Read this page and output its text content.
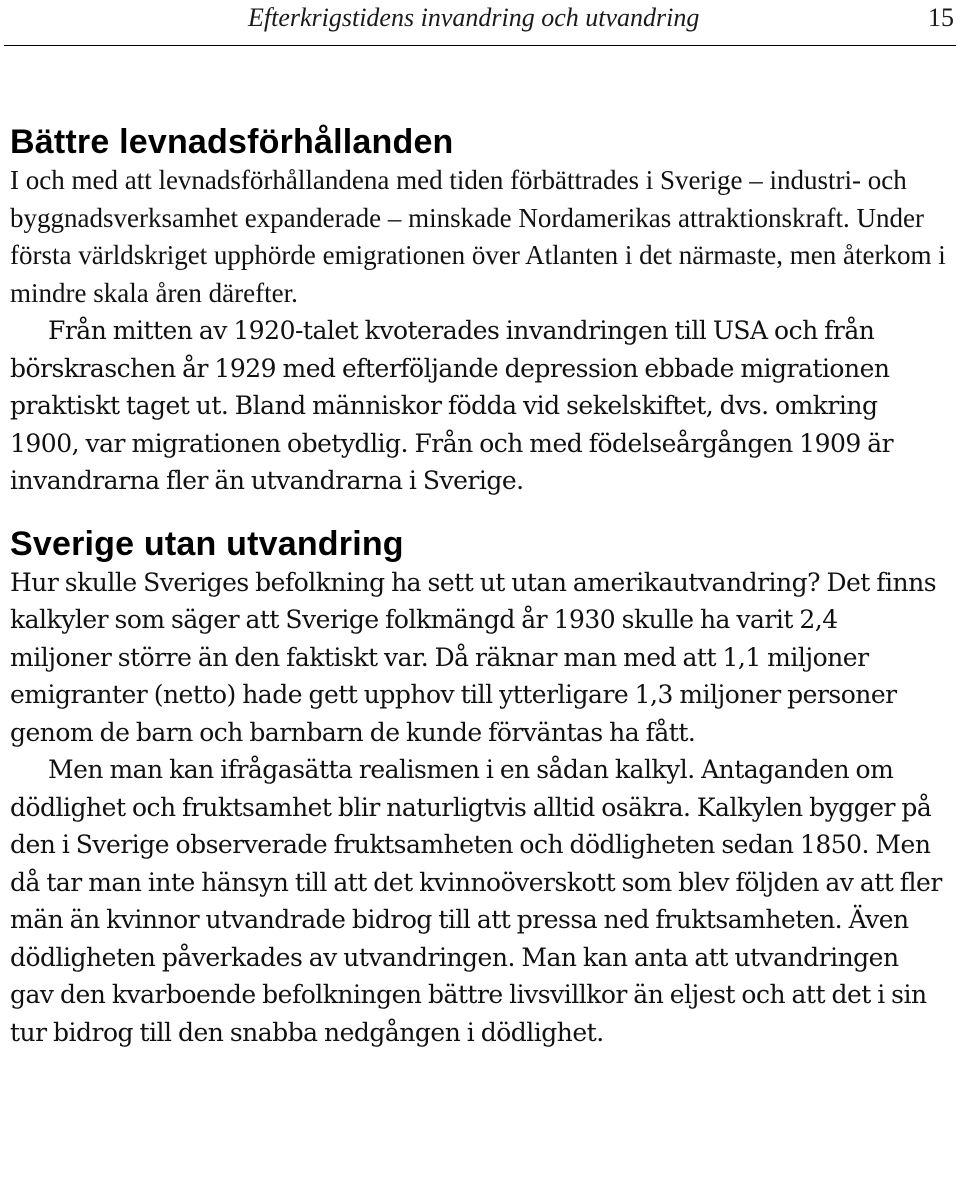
Efterkrigstidens invandring och utvandring	15
Bättre levnadsförhållanden

I och med att levnadsförhållandena med tiden förbättrades i Sverige – industri- och byggnadsverksamhet expanderade – minskade Nordamerikas attraktionskraft. Under första världskriget upphörde emigrationen över Atlanten i det närmaste, men återkom i mindre skala åren därefter.

Från mitten av 1920-talet kvoterades invandringen till USA och från börskraschen år 1929 med efterföljande depression ebbade migrationen praktiskt taget ut. Bland människor födda vid sekelskiftet, dvs. omkring 1900, var migrationen obetydlig. Från och med födelseårgången 1909 är invandrarna fler än utvandrarna i Sverige.

Sverige utan utvandring

Hur skulle Sveriges befolkning ha sett ut utan amerikautvandring? Det finns kalkyler som säger att Sverige folkmängd år 1930 skulle ha varit 2,4 miljoner större än den faktiskt var. Då räknar man med att 1,1 miljoner emigranter (netto) hade gett upphov till ytterligare 1,3 miljoner personer genom de barn och barnbarn de kunde förväntas ha fått.

Men man kan ifrågasätta realismen i en sådan kalkyl. Antaganden om dödlighet och fruktsamhet blir naturligtvis alltid osäkra. Kalkylen bygger på den i Sverige observerade fruktsamheten och dödligheten sedan 1850. Men då tar man inte hänsyn till att det kvinnoöverskott som blev följden av att fler män än kvinnor utvandrade bidrog till att pressa ned fruktsamheten. Även dödligheten påverkades av utvandringen. Man kan anta att utvandringen gav den kvarboende befolkningen bättre livsvillkor än eljest och att det i sin tur bidrog till den snabba nedgången i dödlighet.
